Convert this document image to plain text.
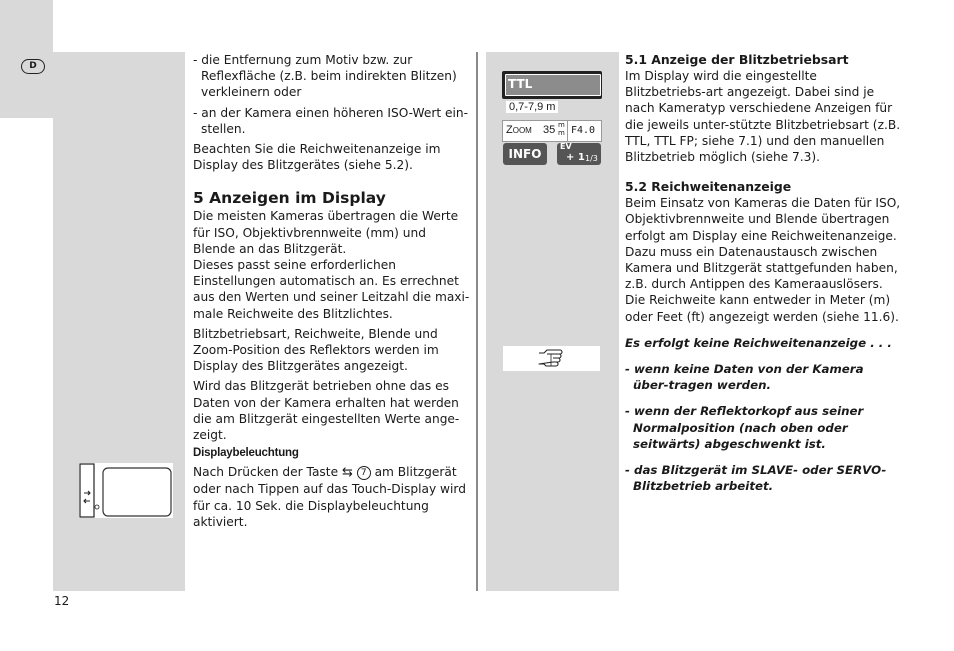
D	- die Entfernung zum Motiv bzw. zur Reflexfläche (z.B. beim indirekten Blitzen) verkleinern oder

- an der Kamera einen höheren ISO-Wert ein-stellen.

Beachten Sie die Reichweitenanzeige im Display des Blitzgerätes (siehe 5.2).

5 Anzeigen im Display

Die meisten Kameras übertragen die Werte für ISO, Objektivbrennweite (mm) und Blende an das Blitzgerät.

Dieses passt seine erforderlichen Einstellungen automatisch an. Es errechnet aus den Werten und seiner Leitzahl die maxi-male Reichweite des Blitzlichtes.

Blitzbetriebsart, Reichweite, Blende und Zoom-Position des Reflektors werden im Display des Blitzgerätes angezeigt.

Wird das Blitzgerät betrieben ohne das es Daten von der Kamera erhalten hat werden die am Blitzgerät eingestellten Werte ange-zeigt.

Displaybeleuchtung

Nach Drücken der Taste ⇆ 7 am Blitzgerät oder nach Tippen auf das Touch-Display wird für ca. 10 Sek. die Displaybeleuchtung aktiviert.

TTL
0,7-7,9 m
Zoom 35 m
m F4.0
INFO
EV
+ 1 1/3
5.1 Anzeige der Blitzbetriebsart

Im Display wird die eingestellte Blitzbetriebs-art angezeigt. Dabei sind je nach Kameratyp verschiedene Anzeigen für die jeweils unter-stützte Blitzbetriebsart (z.B. TTL, TTL FP; siehe 7.1) und den manuellen Blitzbetrieb möglich (siehe 7.3).

5.2 Reichweitenanzeige

Beim Einsatz von Kameras die Daten für ISO, Objektivbrennweite und Blende übertragen erfolgt am Display eine Reichweitenanzeige. Dazu muss ein Datenaustausch zwischen Kamera und Blitzgerät stattgefunden haben, z.B. durch Antippen des Kameraauslösers. Die Reichweite kann entweder in Meter (m) oder Feet (ft) angezeigt werden (siehe 11.6).

Es erfolgt keine Reichweitenanzeige . . .

- wenn keine Daten von der Kamera über-tragen werden.

- wenn der Reflektorkopf aus seiner Normalposition (nach oben oder seitwärts) abgeschwenkt ist.

- das Blitzgerät im SLAVE- oder SERVO-Blitzbetrieb arbeitet.

12
